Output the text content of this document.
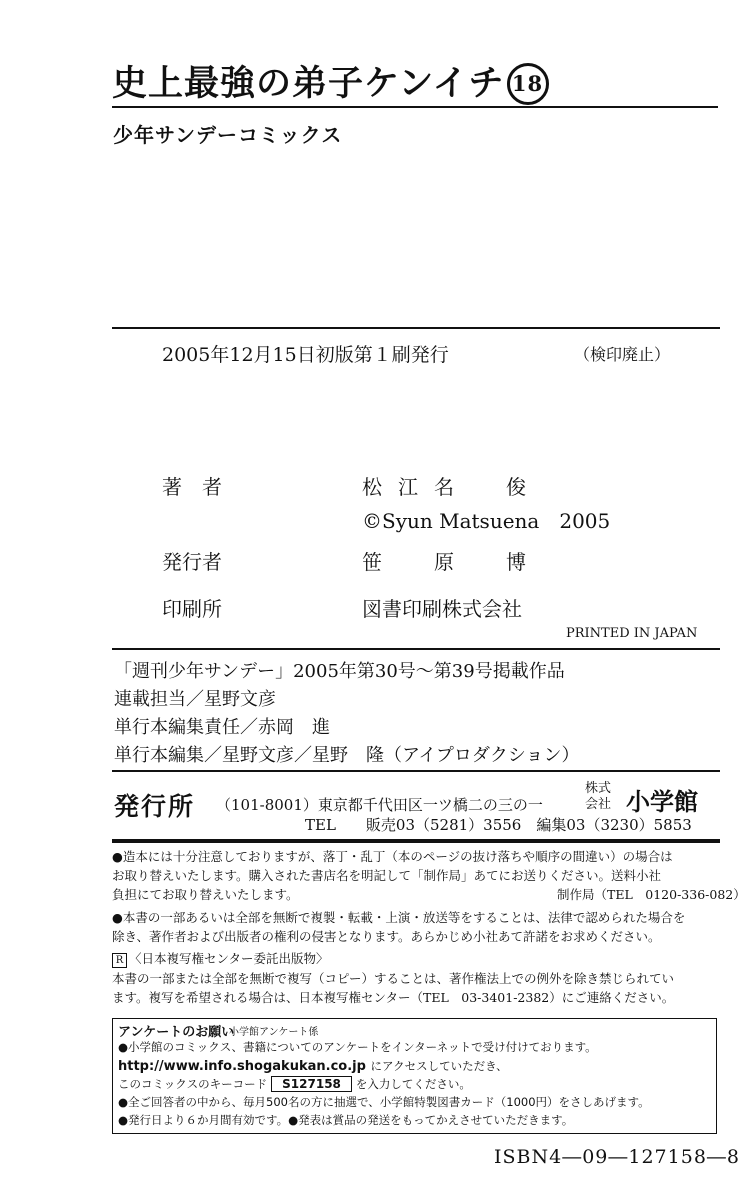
史上最強の弟子ケンイチ 18
少年サンデーコミックス
2005年12月15日初版第１刷発行	（検印廃止）
著　者	松江名　俊
©Syun Matsuena　2005
発行者	笹　原　博
印刷所	図書印刷株式会社
PRINTED IN JAPAN
「週刊少年サンデー」2005年第30号〜第39号掲載作品
連載担当／星野文彦
単行本編集責任／赤岡　進
単行本編集／星野文彦／星野　隆（アイプロダクション）
発行所 （101-8001）東京都千代田区一ツ橋二の三の一
TEL　　販売03（5281）3556　編集03（3230）5853
株式会社 小学館
●造本には十分注意しておりますが、落丁・乱丁（本のページの抜け落ちや順序の間違い）の場合は
お取り替えいたします。購入された書店名を明記して「制作局」あてにお送りください。送料小社
負担にてお取り替えいたします。	制作局（TEL　0120-336-082）
●本書の一部あるいは全部を無断で複製・転載・上演・放送等をすることは、法律で認められた場合を
除き、著作者および出版者の権利の侵害となります。あらかじめ小社あて許諾をお求めください。
R 〈日本複写権センター委託出版物〉
本書の一部または全部を無断で複写（コピー）することは、著作権法上での例外を除き禁じられてい
ます。複写を希望される場合は、日本複写権センター（TEL　03-3401-2382）にご連絡ください。
アンケートのお願い
小学館アンケート係
●小学館のコミックス、書籍についてのアンケートをインターネットで受け付けております。
http://www.info.shogakukan.co.jp にアクセスしていただき、
このコミックスのキーコード S127158 を入力してください。
●全ご回答者の中から、毎月500名の方に抽選で、小学館特製図書カード（1000円）をさしあげます。
●発行日より６か月間有効です。●発表は賞品の発送をもってかえさせていただきます。
ISBN4―09―127158―8
